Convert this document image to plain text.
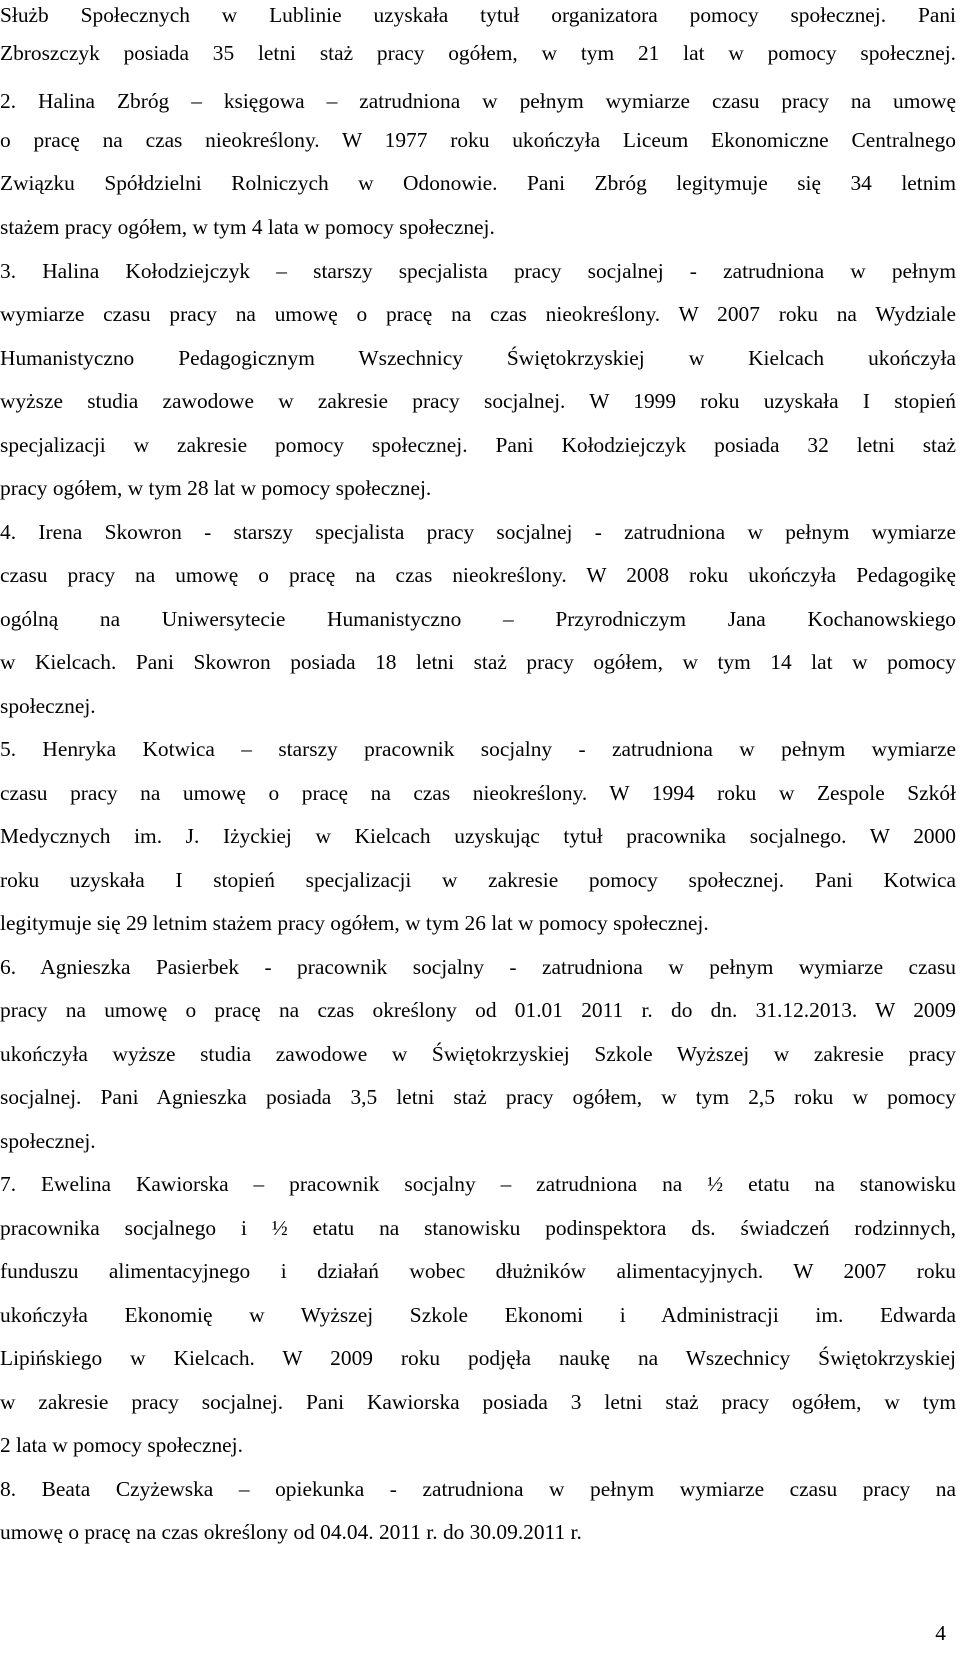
Służb Społecznych w Lublinie uzyskała tytuł organizatora pomocy społecznej. Pani
Zbroszczyk posiada 35 letni staż pracy ogółem, w tym 21 lat w pomocy społecznej.
2. Halina Zbróg – księgowa – zatrudniona w pełnym wymiarze czasu pracy na umowę
o pracę na czas nieokreślony. W 1977 roku ukończyła Liceum Ekonomiczne Centralnego
Związku Spółdzielni Rolniczych w Odonowie. Pani Zbróg legitymuje się 34 letnim
stażem pracy ogółem, w tym 4 lata w pomocy społecznej.
3. Halina Kołodziejczyk – starszy specjalista pracy socjalnej - zatrudniona w pełnym
wymiarze czasu pracy na umowę o pracę na czas nieokreślony. W 2007 roku na Wydziale
Humanistyczno Pedagogicznym Wszechnicy Świętokrzyskiej w Kielcach ukończyła
wyższe studia zawodowe w zakresie pracy socjalnej. W 1999 roku uzyskała I stopień
specjalizacji w zakresie pomocy społecznej. Pani Kołodziejczyk posiada 32 letni staż
pracy ogółem, w tym 28 lat w pomocy społecznej.
4. Irena Skowron - starszy specjalista pracy socjalnej - zatrudniona w pełnym wymiarze
czasu pracy na umowę o pracę na czas nieokreślony. W 2008 roku ukończyła Pedagogikę
ogólną na Uniwersytecie Humanistyczno – Przyrodniczym Jana Kochanowskiego
w Kielcach. Pani Skowron posiada 18 letni staż pracy ogółem, w tym 14 lat w pomocy
społecznej.
5. Henryka Kotwica – starszy pracownik socjalny - zatrudniona w pełnym wymiarze
czasu pracy na umowę o pracę na czas nieokreślony. W 1994 roku w Zespole Szkół
Medycznych im. J. Iżyckiej w Kielcach uzyskując tytuł pracownika socjalnego. W 2000
roku uzyskała I stopień specjalizacji w zakresie pomocy społecznej. Pani Kotwica
legitymuje się 29 letnim stażem pracy ogółem, w tym 26 lat w pomocy społecznej.
6. Agnieszka Pasierbek - pracownik socjalny - zatrudniona w pełnym wymiarze czasu
pracy na umowę o pracę na czas określony od 01.01 2011 r. do dn. 31.12.2013. W 2009
ukończyła wyższe studia zawodowe w Świętokrzyskiej Szkole Wyższej w zakresie pracy
socjalnej. Pani Agnieszka posiada 3,5 letni staż pracy ogółem, w tym 2,5 roku w pomocy
społecznej.
7. Ewelina Kawiorska – pracownik socjalny – zatrudniona na ½ etatu na stanowisku
pracownika socjalnego i ½ etatu na stanowisku podinspektora ds. świadczeń rodzinnych,
funduszu alimentacyjnego i działań wobec dłużników alimentacyjnych. W 2007 roku
ukończyła Ekonomię w Wyższej Szkole Ekonomi i Administracji im. Edwarda
Lipińskiego w Kielcach. W 2009 roku podjęła naukę na Wszechnicy Świętokrzyskiej
w zakresie pracy socjalnej. Pani Kawiorska posiada 3 letni staż pracy ogółem, w tym
2 lata w pomocy społecznej.
8. Beata Czyżewska – opiekunka - zatrudniona w pełnym wymiarze czasu pracy na
umowę o pracę na czas określony od 04.04. 2011 r. do 30.09.2011 r.
4
